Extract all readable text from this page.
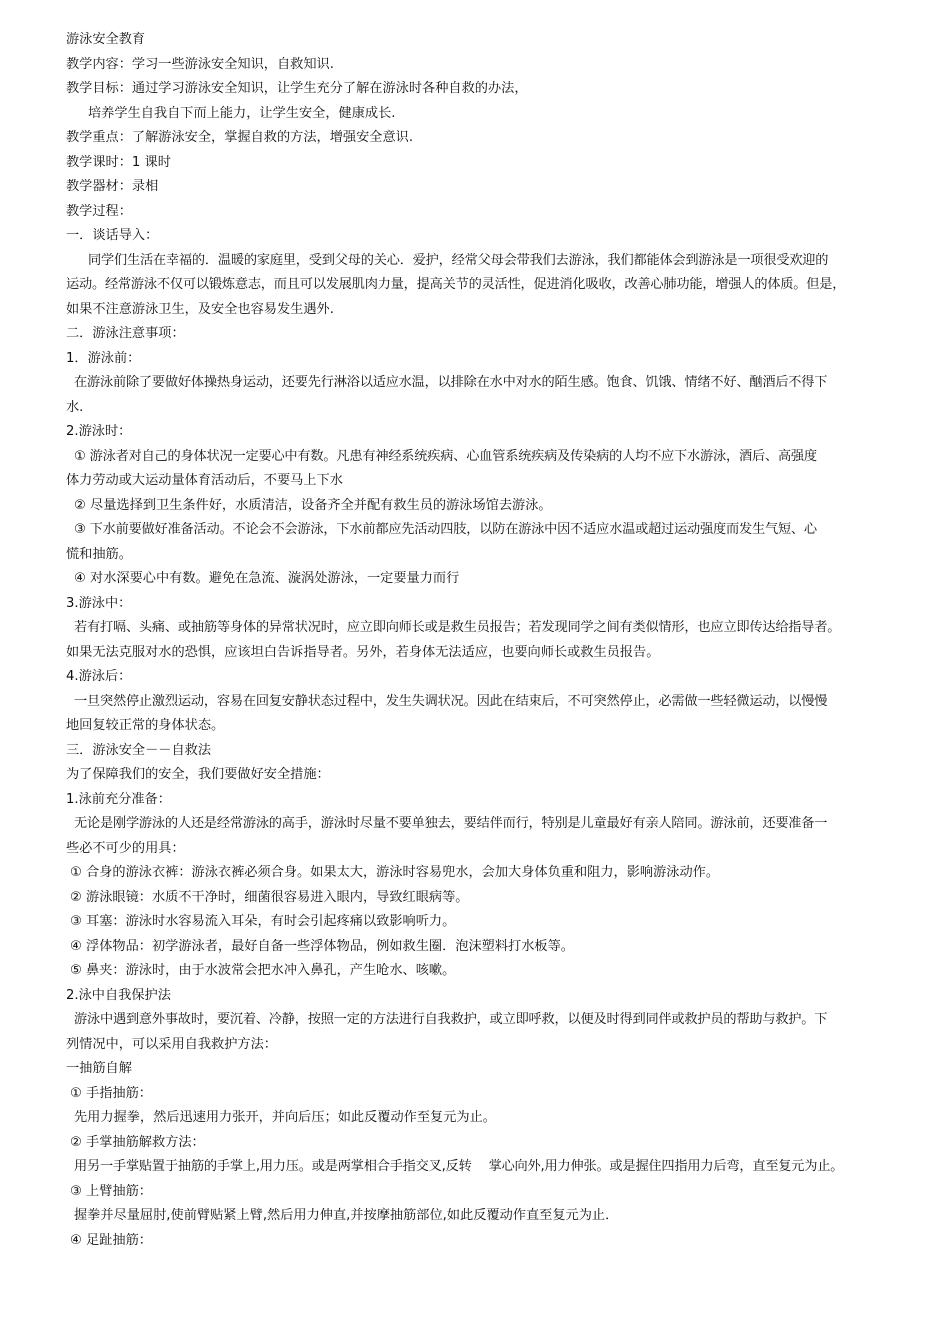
游泳安全教育

教学内容：学习一些游泳安全知识，自救知识.

教学目标：通过学习游泳安全知识，让学生充分了解在游泳时各种自救的办法，

培养学生自我自下而上能力，让学生安全，健康成长.

教学重点：了解游泳安全，掌握自救的方法，增强安全意识.

教学课时：1 课时

教学器材：录相

教学过程：

一．谈话导入：

同学们生活在幸福的．温暖的家庭里，受到父母的关心．爱护，经常父母会带我们去游泳，我们都能体会到游泳是一项很受欢迎的

运动。经常游泳不仅可以锻炼意志，而且可以发展肌肉力量，提高关节的灵活性，促进消化吸收，改善心肺功能，增强人的体质。但是，

如果不注意游泳卫生，及安全也容易发生遇外.

二．游泳注意事项：

1．游泳前：

在游泳前除了要做好体操热身运动，还要先行淋浴以适应水温，以排除在水中对水的陌生感。饱食、饥饿、情绪不好、酗酒后不得下

水.

2.游泳时：

① 游泳者对自己的身体状况一定要心中有数。凡患有神经系统疾病、心血管系统疾病及传染病的人均不应下水游泳，酒后、高强度

体力劳动或大运动量体育活动后，不要马上下水

② 尽量选择到卫生条件好，水质清洁，设备齐全并配有救生员的游泳场馆去游泳。

③ 下水前要做好准备活动。不论会不会游泳，下水前都应先活动四肢，以防在游泳中因不适应水温或超过运动强度而发生气短、心

慌和抽筋。

④ 对水深要心中有数。避免在急流、漩涡处游泳，一定要量力而行

3.游泳中：

若有打嗝、头痛、或抽筋等身体的异常状况时，应立即向师长或是救生员报告；若发现同学之间有类似情形，也应立即传达给指导者。

如果无法克服对水的恐惧，应该坦白告诉指导者。另外，若身体无法适应，也要向师长或救生员报告。

4.游泳后：

一旦突然停止激烈运动，容易在回复安静状态过程中，发生失调状况。因此在结束后，不可突然停止，必需做一些轻微运动，以慢慢

地回复较正常的身体状态。

三．游泳安全－－自救法

为了保障我们的安全，我们要做好安全措施：

1.泳前充分准备：

无论是刚学游泳的人还是经常游泳的高手，游泳时尽量不要单独去，要结伴而行，特别是儿童最好有亲人陪同。游泳前，还要准备一

些必不可少的用具：

① 合身的游泳衣裤：游泳衣裤必须合身。如果太大，游泳时容易兜水，会加大身体负重和阻力，影响游泳动作。

② 游泳眼镜：水质不干净时，细菌很容易进入眼内，导致红眼病等。

③ 耳塞：游泳时水容易流入耳朵，有时会引起疼痛以致影响听力。

④ 浮体物品：初学游泳者，最好自备一些浮体物品，例如救生圈．泡沫塑料打水板等。

⑤ 鼻夹：游泳时，由于水波常会把水冲入鼻孔，产生呛水、咳嗽。

2.泳中自我保护法

游泳中遇到意外事故时，要沉着、冷静，按照一定的方法进行自我救护，或立即呼救，以便及时得到同伴或救护员的帮助与救护。下

列情况中，可以采用自我救护方法：

一抽筋自解

① 手指抽筋：

先用力握拳，然后迅速用力张开，并向后压；如此反覆动作至复元为止。

② 手掌抽筋解救方法：

用另一手掌贴置于抽筋的手掌上,用力压。或是两掌相合手指交叉,反转　 掌心向外,用力伸张。或是握住四指用力后弯，直至复元为止。

③ 上臂抽筋：

握拳并尽量屈肘,使前臂贴紧上臂,然后用力伸直,并按摩抽筋部位,如此反覆动作直至复元为止．

④ 足趾抽筋：
